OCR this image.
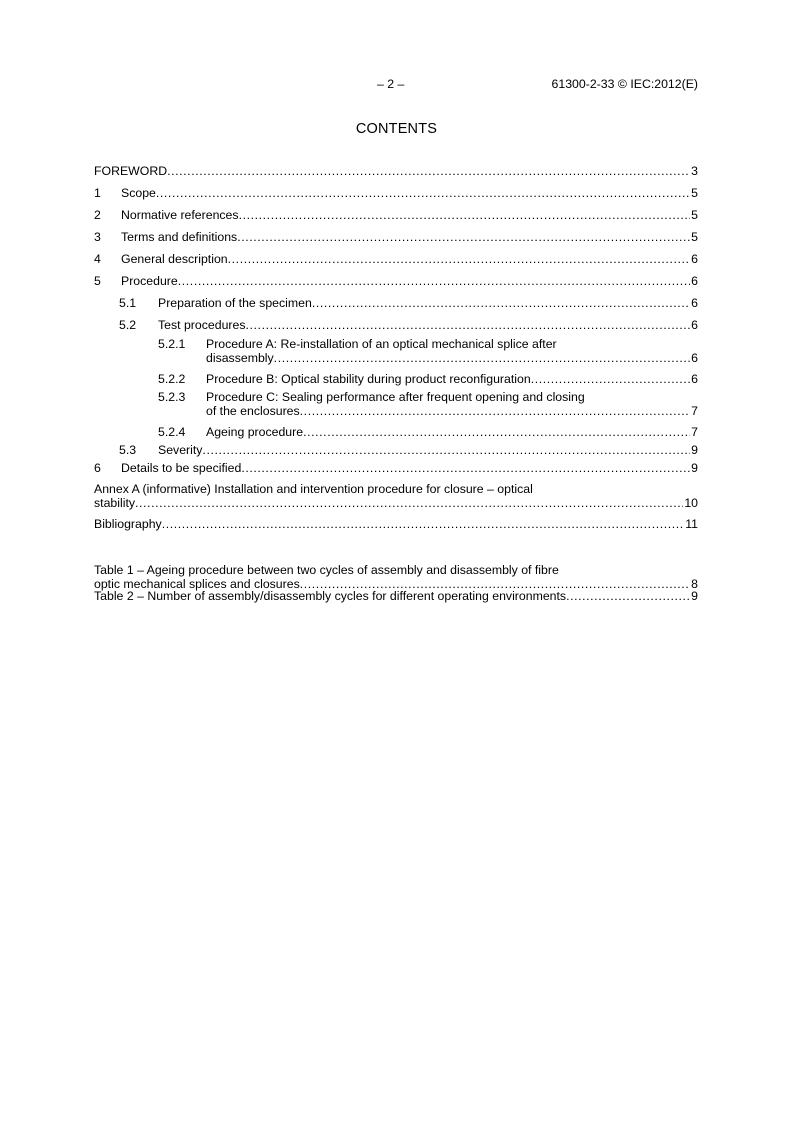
– 2 –	61300-2-33 © IEC:2012(E)
CONTENTS
FOREWORD .....	3
1	Scope .....	5
2	Normative references .....	5
3	Terms and definitions .....	5
4	General description .....	6
5	Procedure .....	6
5.1	Preparation of the specimen .....	6
5.2	Test procedures .....	6
5.2.1 Procedure A: Re-installation of an optical mechanical splice after
disassembly .....	6
5.2.2	Procedure B: Optical stability during product reconfiguration .....	6
5.2.3 Procedure C: Sealing performance after frequent opening and closing
of the enclosures .....	7
5.2.4	Ageing procedure .....	7
5.3	Severity .....	9
6	Details to be specified .....	9
Annex A (informative) Installation and intervention procedure for closure – optical
stability .....	10
Bibliography .....	11
Table 1 – Ageing procedure between two cycles of assembly and disassembly of fibre
optic mechanical splices and closures .....	8
Table 2 – Number of assembly/disassembly cycles for different operating environments .....	9
